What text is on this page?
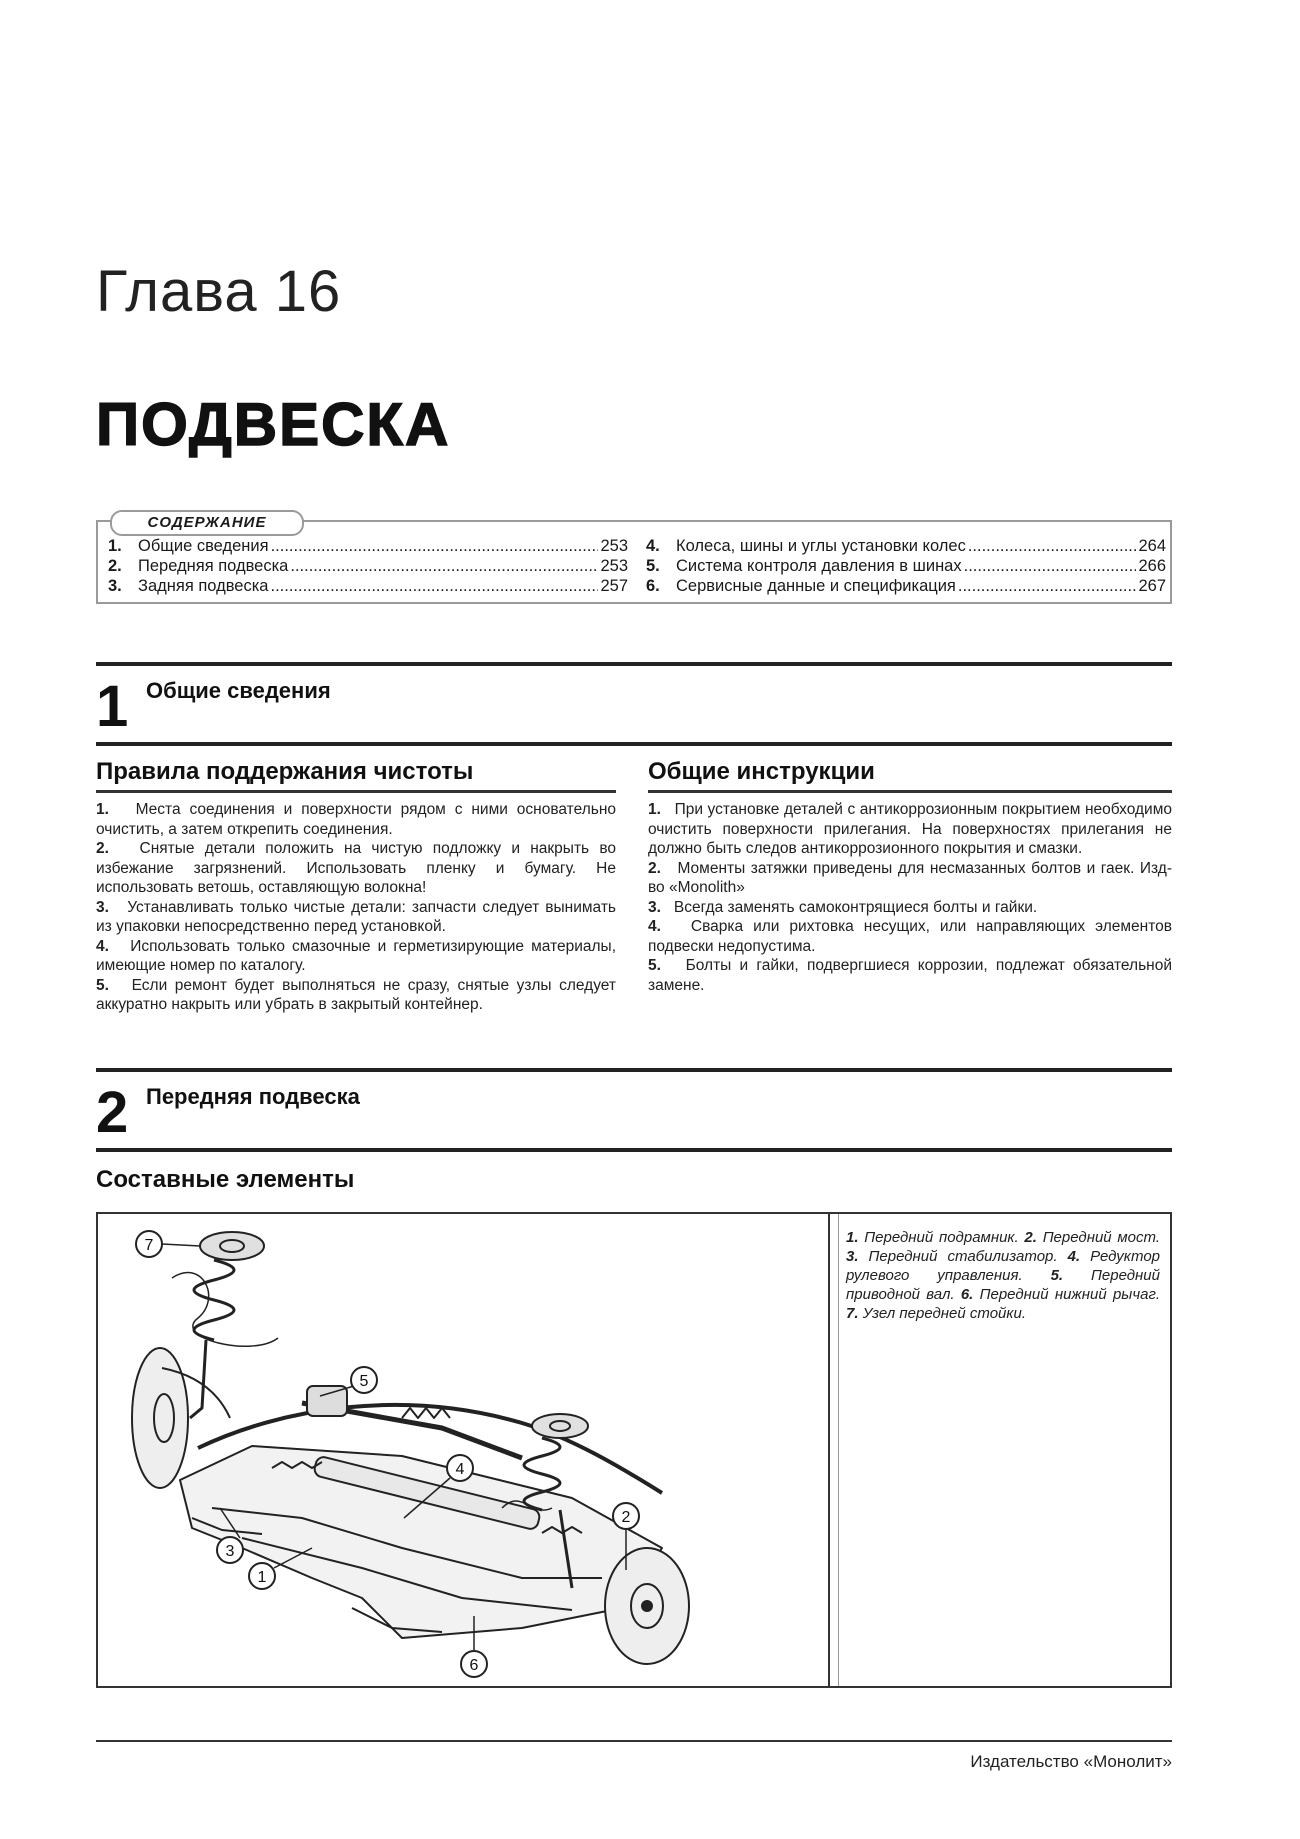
Глава 16
ПОДВЕСКА
СОДЕРЖАНИЕ
1. Общие сведения .....	253
2. Передняя подвеска .....	253
3. Задняя подвеска .....	257
4. Колеса, шины и углы установки колес .....	264
5. Система контроля давления в шинах .....	266
6. Сервисные данные и спецификация .....	267
1 Общие сведения
Правила поддержания чистоты

1. Места соединения и поверхности рядом с ними основательно очистить, а затем открепить соединения.

2. Снятые детали положить на чистую подложку и накрыть во избежание загрязнений. Использовать пленку и бумагу. Не использовать ветошь, оставляющую волокна!

3. Устанавливать только чистые детали: запчасти следует вынимать из упаковки непосредственно перед установкой.

4. Использовать только смазочные и герметизирующие материалы, имеющие номер по каталогу.

5. Если ремонт будет выполняться не сразу, снятые узлы следует аккуратно накрыть или убрать в закрытый контейнер.

Общие инструкции

1. При установке деталей с антикоррозионным покрытием необходимо очистить поверхности прилегания. На поверхностях прилегания не должно быть следов антикоррозионного покрытия и смазки.

2. Моменты затяжки приведены для несмазанных болтов и гаек. Изд-во «Monolith»

3. Всегда заменять самоконтрящиеся болты и гайки.

4. Сварка или рихтовка несущих, или направляющих элементов подвески недопустима.

5. Болты и гайки, подвергшиеся коррозии, подлежат обязательной замене.

2 Передняя подвеска
Составные элементы
7
5
4
2
3
1
6
1. Передний подрамник. 2. Передний мост. 3. Передний стабилизатор. 4. Редуктор рулевого управления. 5. Передний приводной вал. 6. Передний нижний рычаг. 7. Узел передней стойки.
Издательство «Монолит»
